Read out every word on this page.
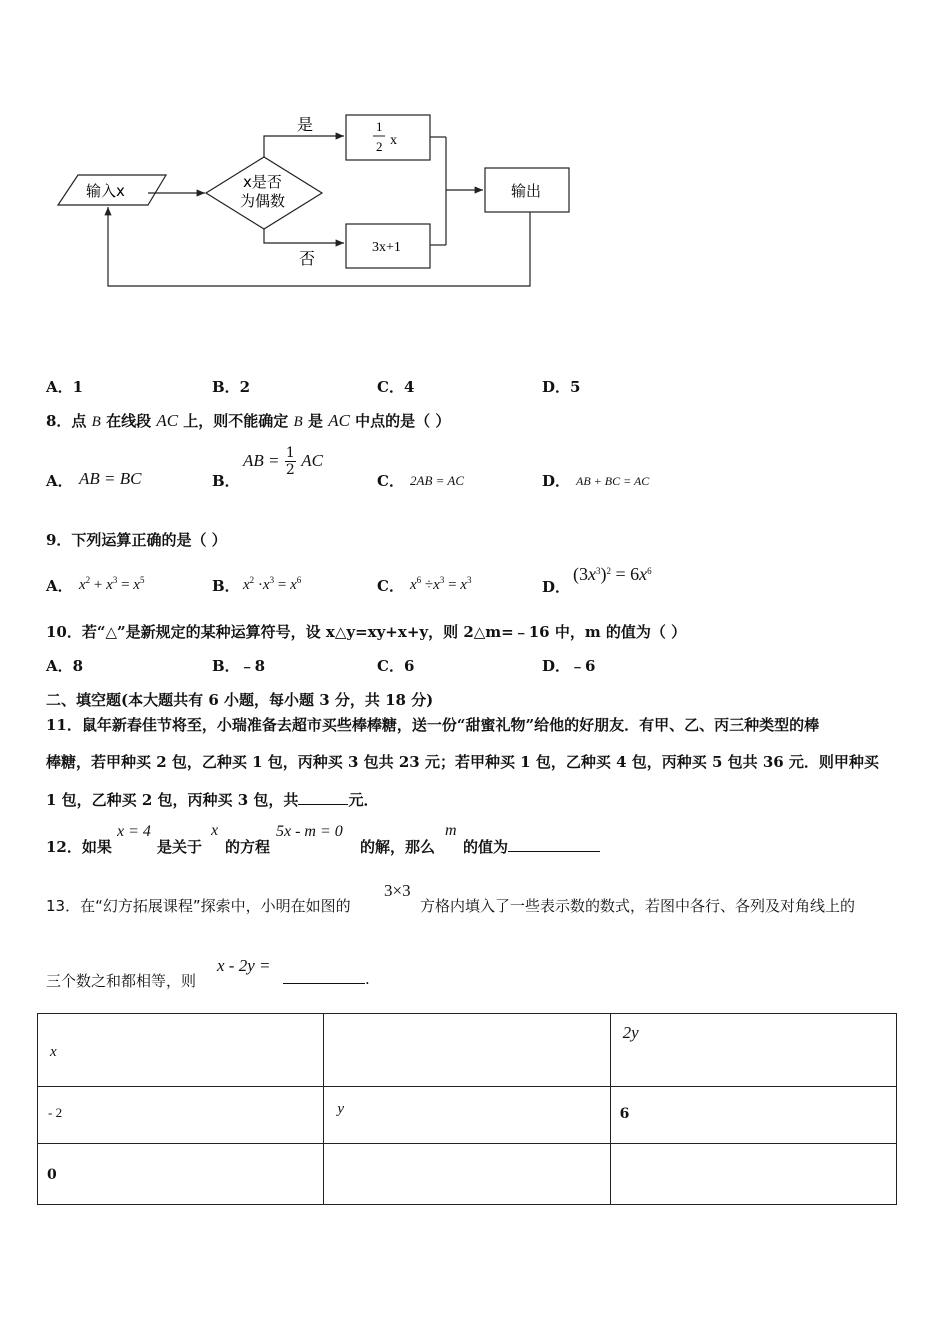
输入x	x是否
为偶数
是	1
2 x
否
3x+1
输出
A．1	B．2	C．4	D．5
8．点 B 在线段 AC 上，则不能确定 B 是 AC 中点的是（ ）
A． AB = BC	B．
AB = $\frac{1}{2}$ AC
C． 2AB = AC	D． AB + BC = AC
9．下列运算正确的是（ ）
A． $x^2 + x^3 = x^5$	B． $x^2 \cdot x^3 = x^6$	C． $x^6 \div x^3 = x^3$	D．
$(3x^3)^2 = 6x^6$
10．若“△”是新规定的某种运算符号，设 x△y=xy+x+y，则 2△m=﹣16 中，m 的值为（ ）
A．8	B．﹣8	C．6	D．﹣6
二、填空题(本大题共有 6 小题，每小题 3 分，共 18 分)
11．鼠年新春佳节将至，小瑞准备去超市买些棒棒糖，送一份“甜蜜礼物”给他的好朋友．有甲、乙、丙三种类型的棒
棒糖，若甲种买 2 包，乙种买 1 包，丙种买 3 包共 23 元；若甲种买 1 包，乙种买 4 包，丙种买 5 包共 36 元．则甲种买
1 包，乙种买 2 包，丙种买 3 包，共	元．
12．如果
x = 4
是关于
x
的方程
5x - m = 0
的解，那么
m
的值为
13．在“幻方拓展课程”探索中，小明在如图的
3×3
方格内填入了一些表示数的数式，若图中各行、各列及对角线上的
三个数之和都相等，则
x - 2y =
.
x		2y

- 2	y	6

0		
